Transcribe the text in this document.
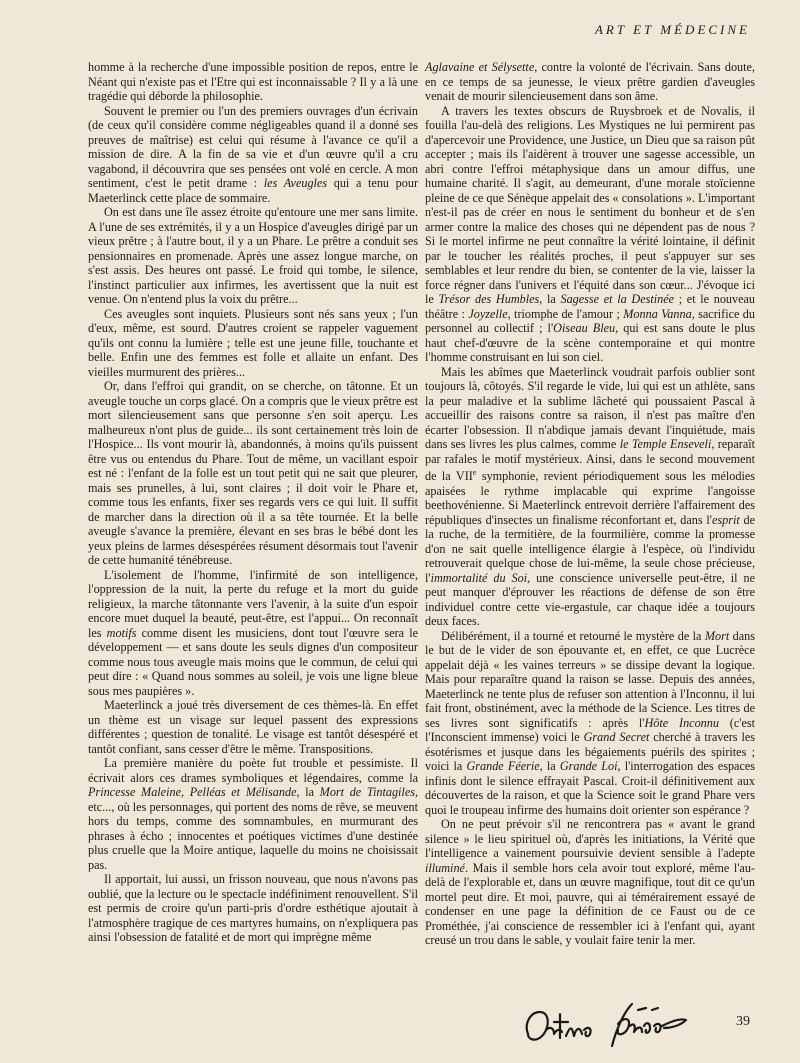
ART ET MÉDECINE

homme à la recherche d'une impossible position de repos, entre le Néant qui n'existe pas et l'Etre qui est inconnaissable ? Il y a là une tragédie qui déborde la philosophie.

Souvent le premier ou l'un des premiers ouvrages d'un écrivain (de ceux qu'il considère comme négligeables quand il a donné ses preuves de maîtrise) est celui qui résume à l'avance ce qu'il a mission de dire. A la fin de sa vie et d'un œuvre qu'il a cru vagabond, il découvrira que ses pensées ont volé en cercle. A mon sentiment, c'est le petit drame : les Aveugles qui a tenu pour Maeterlinck cette place de sommaire.

On est dans une île assez étroite qu'entoure une mer sans limite. A l'une de ses extrémités, il y a un Hospice d'aveugles dirigé par un vieux prêtre ; à l'autre bout, il y a un Phare. Le prêtre a conduit ses pensionnaires en promenade. Après une assez longue marche, on s'est assis. Des heures ont passé. Le froid qui tombe, le silence, l'instinct particulier aux infirmes, les avertissent que la nuit est venue. On n'entend plus la voix du prêtre...

Ces aveugles sont inquiets. Plusieurs sont nés sans yeux ; l'un d'eux, même, est sourd. D'autres croient se rappeler vaguement qu'ils ont connu la lumière ; telle est une jeune fille, touchante et belle. Enfin une des femmes est folle et allaite un enfant. Des vieilles murmurent des prières...

Or, dans l'effroi qui grandit, on se cherche, on tâtonne. Et un aveugle touche un corps glacé. On a compris que le vieux prêtre est mort silencieusement sans que personne s'en soit aperçu. Les malheureux n'ont plus de guide... ils sont certainement très loin de l'Hospice... Ils vont mourir là, abandonnés, à moins qu'ils puissent être vus ou entendus du Phare. Tout de même, un vacillant espoir est né : l'enfant de la folle est un tout petit qui ne sait que pleurer, mais ses prunelles, à lui, sont claires ; il doit voir le Phare et, comme tous les enfants, fixer ses regards vers ce qui luit. Il suffit de marcher dans la direction où il a sa tête tournée. Et la belle aveugle s'avance la première, élevant en ses bras le bébé dont les yeux pleins de larmes désespérées résument désormais tout l'avenir de cette humanité ténébreuse.

L'isolement de l'homme, l'infirmité de son intelligence, l'oppression de la nuit, la perte du refuge et la mort du guide religieux, la marche tâtonnante vers l'avenir, à la suite d'un espoir encore muet duquel la beauté, peut-être, est l'appui... On reconnaît les motifs comme disent les musiciens, dont tout l'œuvre sera le développement — et sans doute les seuls dignes d'un compositeur comme nous tous aveugle mais moins que le commun, de celui qui peut dire : « Quand nous sommes au soleil, je vois une ligne bleue sous mes paupières ».

Maeterlinck a joué très diversement de ces thèmes-là. En effet un thème est un visage sur lequel passent des expressions différentes ; question de tonalité. Le visage est tantôt désespéré et tantôt confiant, sans cesser d'être le même. Transpositions.

La première manière du poète fut trouble et pessimiste. Il écrivait alors ces drames symboliques et légendaires, comme la Princesse Maleine, Pelléas et Mélisande, la Mort de Tintagiles, etc..., où les personnages, qui portent des noms de rêve, se meuvent hors du temps, comme des somnambules, en murmurant des phrases à écho ; innocentes et poétiques victimes d'une destinée plus cruelle que la Moire antique, laquelle du moins ne choisissait pas.

Il apportait, lui aussi, un frisson nouveau, que nous n'avons pas oublié, que la lecture ou le spectacle indéfiniment renouvellent. S'il est permis de croire qu'un parti-pris d'ordre esthétique ajoutait à l'atmosphère tragique de ces martyres humains, on n'expliquera pas ainsi l'obsession de fatalité et de mort qui imprègne même

Aglavaine et Sélysette, contre la volonté de l'écrivain. Sans doute, en ce temps de sa jeunesse, le vieux prêtre gardien d'aveugles venait de mourir silencieusement dans son âme.

A travers les textes obscurs de Ruysbroek et de Novalis, il fouilla l'au-delà des religions. Les Mystiques ne lui permirent pas d'apercevoir une Providence, une Justice, un Dieu que sa raison pût accepter ; mais ils l'aidèrent à trouver une sagesse accessible, un abri contre l'effroi métaphysique dans un amour diffus, une humaine charité. Il s'agit, au demeurant, d'une morale stoïcienne pleine de ce que Sénèque appelait des « consolations ». L'important n'est-il pas de créer en nous le sentiment du bonheur et de s'en armer contre la malice des choses qui ne dépendent pas de nous ? Si le mortel infirme ne peut connaître la vérité lointaine, il définit par le toucher les réalités proches, il peut s'appuyer sur ses semblables et leur rendre du bien, se contenter de la vie, laisser la force régner dans l'univers et l'équité dans son cœur... J'évoque ici le Trésor des Humbles, la Sagesse et la Destinée ; et le nouveau théâtre : Joyzelle, triomphe de l'amour ; Monna Vanna, sacrifice du personnel au collectif ; l'Oiseau Bleu, qui est sans doute le plus haut chef-d'œuvre de la scène contemporaine et qui montre l'homme construisant en lui son ciel.

Mais les abîmes que Maeterlinck voudrait parfois oublier sont toujours là, côtoyés. S'il regarde le vide, lui qui est un athlète, sans la peur maladive et la sublime lâcheté qui poussaient Pascal à accueillir des raisons contre sa raison, il n'est pas maître d'en écarter l'obsession. Il n'abdique jamais devant l'inquiétude, mais dans ses livres les plus calmes, comme le Temple Enseveli, reparaît par rafales le motif mystérieux. Ainsi, dans le second mouvement de la VIIe symphonie, revient périodiquement sous les mélodies apaisées le rythme implacable qui exprime l'angoisse beethovénienne. Si Maeterlinck entrevoit derrière l'affairement des républiques d'insectes un finalisme réconfortant et, dans l'esprit de la ruche, de la termitière, de la fourmilière, comme la promesse d'on ne sait quelle intelligence élargie à l'espèce, où l'individu retrouverait quelque chose de lui-même, la seule chose précieuse, l'immortalité du Soi, une conscience universelle peut-être, il ne peut manquer d'éprouver les réactions de défense de son être individuel contre cette vie-ergastule, car chaque idée a toujours deux faces.

Délibérément, il a tourné et retourné le mystère de la Mort dans le but de le vider de son épouvante et, en effet, ce que Lucrèce appelait déjà « les vaines terreurs » se dissipe devant la logique. Mais pour reparaître quand la raison se lasse. Depuis des années, Maeterlinck ne tente plus de refuser son attention à l'Inconnu, il lui fait front, obstinément, avec la méthode de la Science. Les titres de ses livres sont significatifs : après l'Hôte Inconnu (c'est l'Inconscient immense) voici le Grand Secret cherché à travers les ésotérismes et jusque dans les bégaiements puérils des spirites ; voici la Grande Féerie, la Grande Loi, l'interrogation des espaces infinis dont le silence effrayait Pascal. Croit-il définitivement aux découvertes de la raison, et que la Science soit le grand Phare vers quoi le troupeau infirme des humains doit orienter son espérance ?

On ne peut prévoir s'il ne rencontrera pas « avant le grand silence » le lieu spirituel où, d'après les initiations, la Vérité que l'intelligence a vainement poursuivie devient sensible à l'adepte illuminé. Mais il semble hors cela avoir tout exploré, même l'au-delà de l'explorable et, dans un œuvre magnifique, tout dit ce qu'un mortel peut dire. Et moi, pauvre, qui ai témérairement essayé de condenser en une page la définition de ce Faust ou de ce Prométhée, j'ai conscience de ressembler ici à l'enfant qui, ayant creusé un trou dans le sable, y voulait faire tenir la mer.

39
